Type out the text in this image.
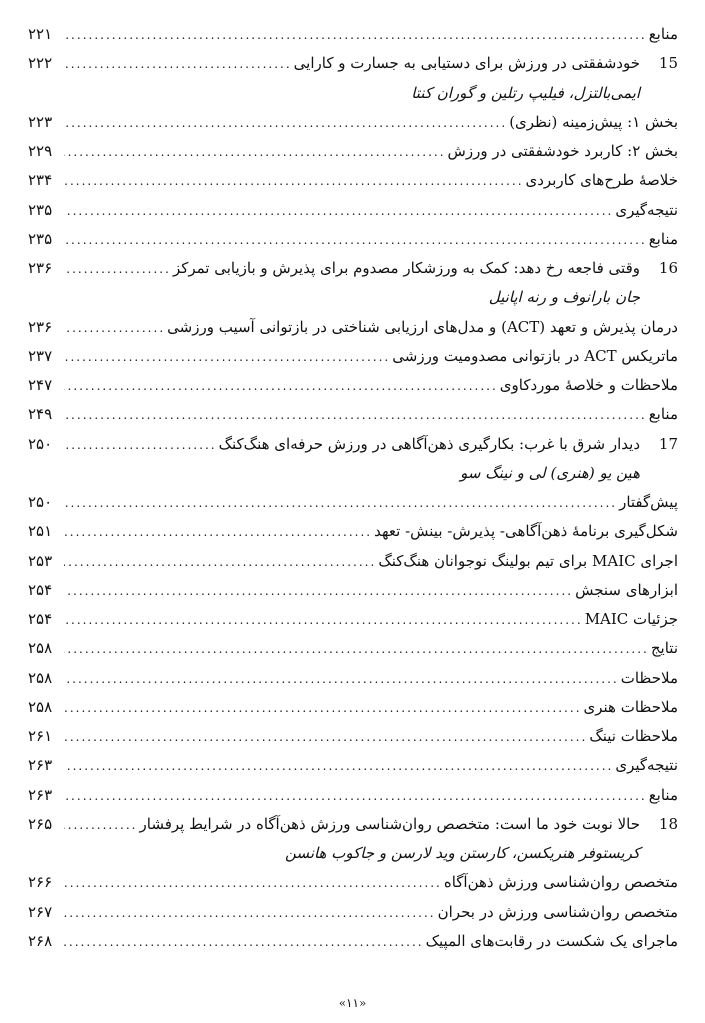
منابع
.....
۲۲۱
15
خودشفقتی در ورزش برای دستیابی به جسارت و کارایی
.....
۲۲۲
ایمی‌بالتزل، فیلیپ رتلین و گوران کنتا
بخش ۱: پیش‌زمینه (نظری)
.....
۲۲۳
بخش ۲: کاربرد خودشفقتی در ورزش
.....
۲۲۹
خلاصهٔ طرح‌های کاربردی
.....
۲۳۴
نتیجه‌گیری
.....
۲۳۵
منابع
.....
۲۳۵
16
وقتی فاجعه رخ دهد: کمک به ورزشکار مصدوم برای پذیرش و بازیابی تمرکز
.....
۲۳۶
جان بارانوف و رنه اپانیل
درمان پذیرش و تعهد (ACT) و مدل‌های ارزیابی شناختی در بازتوانی آسیب ورزشی
.....
۲۳۶
ماتریکس ACT در بازتوانی مصدومیت ورزشی
.....
۲۳۷
ملاحظات و خلاصهٔ موردکاوی
.....
۲۴۷
منابع
.....
۲۴۹
17
دیدار شرق با غرب: بکارگیری ذهن‌آگاهی در ورزش حرفه‌ای هنگ‌کنگ
.....
۲۵۰
هین یو (هنری) لی و نینگ سو
پیش‌گفتار
.....
۲۵۰
شکل‌گیری برنامهٔ ذهن‌آگاهی- پذیرش- بینش- تعهد
.....
۲۵۱
اجرای MAIC برای تیم بولینگ نوجوانان هنگ‌کنگ
.....
۲۵۳
ابزارهای سنجش
.....
۲۵۴
جزئیات MAIC
.....
۲۵۴
نتایج
.....
۲۵۸
ملاحظات
.....
۲۵۸
ملاحظات هنری
.....
۲۵۸
ملاحظات نینگ
.....
۲۶۱
نتیجه‌گیری
.....
۲۶۳
منابع
.....
۲۶۳
18
حالا نوبت خود ما است: متخصص روان‌شناسی ورزش ذهن‌آگاه در شرایط پرفشار
.....
۲۶۵
کریستوفر هنریکسن، کارستن وید لارسن و جاکوب هانسن
متخصص روان‌شناسی ورزش ذهن‌آگاه
.....
۲۶۶
متخصص روان‌شناسی ورزش در بحران
.....
۲۶۷
ماجرای یک شکست در رقابت‌های المپیک
.....
۲۶۸
«۱۱»
